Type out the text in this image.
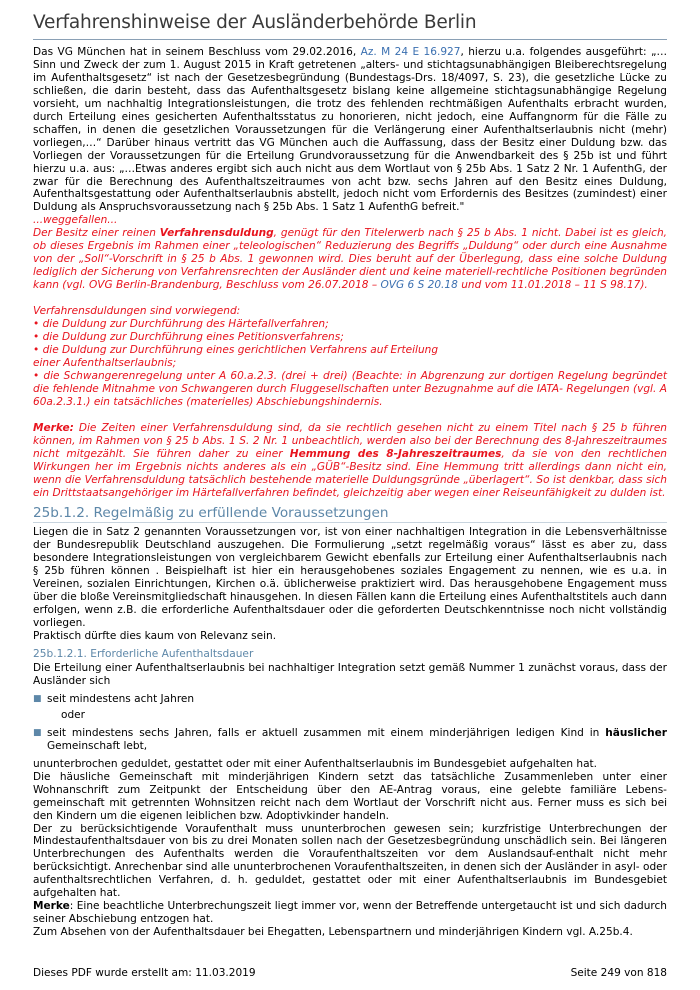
Verfahrenshinweise der Ausländerbehörde Berlin

Das VG München hat in seinem Beschluss vom 29.02.2016, Az. M 24 E 16.927, hierzu u.a. folgendes ausgeführt: „…Sinn und Zweck der zum 1. August 2015 in Kraft getretenen „alters- und stichtagsunabhängigen Bleiberechtsregelung im Aufenthaltsgesetz“ ist nach der Gesetzesbegründung (Bundestags-Drs. 18/4097, S. 23), die gesetzliche Lücke zu schließen, die darin besteht, dass das Aufenthaltsgesetz bislang keine allgemeine stichtagsunabhängige Regelung vorsieht, um nachhaltig Integrationsleistungen, die trotz des fehlenden rechtmäßigen Aufenthalts erbracht wurden, durch Erteilung eines gesicherten Aufenthaltsstatus zu honorieren, nicht jedoch, eine Auffangnorm für die Fälle zu schaffen, in denen die gesetzlichen Voraussetzungen für die Verlängerung einer Aufenthaltserlaubnis nicht (mehr) vorliegen,…“ Darüber hinaus vertritt das VG München auch die Auffassung, dass der Besitz einer Duldung bzw. das Vorliegen der Voraussetzungen für die Erteilung Grundvoraussetzung für die Anwendbarkeit des § 25b ist und führt hierzu u.a. aus: „…Etwas anderes ergibt sich auch nicht aus dem Wortlaut von § 25b Abs. 1 Satz 2 Nr. 1 AufenthG, der zwar für die Berechnung des Aufenthaltszeitraumes von acht bzw. sechs Jahren auf den Besitz eines Duldung, Aufenthaltsgestattung oder Aufenthaltserlaubnis abstellt, jedoch nicht vom Erfordernis des Besitzes (zumindest) einer Duldung als Anspruchsvoraussetzung nach § 25b Abs. 1 Satz 1 AufenthG befreit."

...weggefallen...

Der Besitz einer reinen Verfahrensduldung, genügt für den Titelerwerb nach § 25 b Abs. 1 nicht. Dabei ist es gleich, ob dieses Ergebnis im Rahmen einer „teleologischen“ Reduzierung des Begriffs „Duldung“ oder durch eine Ausnahme von der „Soll“-Vorschrift in § 25 b Abs. 1 gewonnen wird. Dies beruht auf der Überlegung, dass eine solche Duldung lediglich der Sicherung von Verfahrensrechten der Ausländer dient und keine materiell-rechtliche Positionen begründen kann (vgl. OVG Berlin-Brandenburg, Beschluss vom 26.07.2018 – OVG 6 S 20.18 und vom 11.01.2018 – 11 S 98.17).

Verfahrensduldungen sind vorwiegend:

• die Duldung zur Durchführung des Härtefallverfahren;

• die Duldung zur Durchführung eines Petitionsverfahrens;

• die Duldung zur Durchführung eines gerichtlichen Verfahrens auf Erteilung

einer Aufenthaltserlaubnis;

• die Schwangerenregelung unter A 60.a.2.3. (drei + drei) (Beachte: in Abgrenzung zur dortigen Regelung begründet die fehlende Mitnahme von Schwangeren durch Fluggesellschaften unter Bezugnahme auf die IATA- Regelungen (vgl. A 60a.2.3.1.) ein tatsächliches (materielles) Abschiebungshindernis.

Merke: Die Zeiten einer Verfahrensduldung sind, da sie rechtlich gesehen nicht zu einem Titel nach § 25 b führen können, im Rahmen von § 25 b Abs. 1 S. 2 Nr. 1 unbeachtlich, werden also bei der Berechnung des 8-Jahreszeitraumes nicht mitgezählt. Sie führen daher zu einer Hemmung des 8-Jahreszeitraumes, da sie von den rechtlichen Wirkungen her im Ergebnis nichts anderes als ein „GÜB“-Besitz sind. Eine Hemmung tritt allerdings dann nicht ein, wenn die Verfahrensduldung tatsächlich bestehende materielle Duldungsgründe „überlagert“. So ist denkbar, dass sich ein Drittstaatsangehöriger im Härtefallverfahren befindet, gleichzeitig aber wegen einer Reiseunfähigkeit zu dulden ist.

25b.1.2. Regelmäßig zu erfüllende Voraussetzungen

Liegen die in Satz 2 genannten Voraussetzungen vor, ist von einer nachhaltigen Integration in die Lebensverhältnisse der Bundesrepublik Deutschland auszugehen. Die Formulierung „setzt regelmäßig voraus“ lässt es aber zu, dass besondere Integrationsleistungen von vergleichbarem Gewicht ebenfalls zur Erteilung einer Aufenthaltserlaubnis nach § 25b führen können . Beispielhaft ist hier ein herausgehobenes soziales Engagement zu nennen, wie es u.a. in Vereinen, sozialen Einrichtungen, Kirchen o.ä. üblicherweise praktiziert wird. Das herausgehobene Engagement muss über die bloße Vereinsmitgliedschaft hinausgehen. In diesen Fällen kann die Erteilung eines Aufenthaltstitels auch dann erfolgen, wenn z.B. die erforderliche Aufenthaltsdauer oder die geforderten Deutschkenntnisse noch nicht vollständig vorliegen.

Praktisch dürfte dies kaum von Relevanz sein.

25b.1.2.1. Erforderliche Aufenthaltsdauer

Die Erteilung einer Aufenthaltserlaubnis bei nachhaltiger Integration setzt gemäß Nummer 1 zunächst voraus, dass der Ausländer sich

■ seit mindestens acht Jahren
oder
■ seit mindestens sechs Jahren, falls er aktuell zusammen mit einem minderjährigen ledigen Kind in häuslicher Gemeinschaft lebt,

ununterbrochen geduldet, gestattet oder mit einer Aufenthaltserlaubnis im Bundesgebiet aufgehalten hat.

Die häusliche Gemeinschaft mit minderjährigen Kindern setzt das tatsächliche Zusammenleben unter einer Wohnanschrift zum Zeitpunkt der Entscheidung über den AE-Antrag voraus, eine gelebte familiäre Lebens-gemeinschaft mit getrennten Wohnsitzen reicht nach dem Wortlaut der Vorschrift nicht aus. Ferner muss es sich bei den Kindern um die eigenen leiblichen bzw. Adoptivkinder handeln.

Der zu berücksichtigende Voraufenthalt muss ununterbrochen gewesen sein; kurzfristige Unterbrechungen der Mindestaufenthaltsdauer von bis zu drei Monaten sollen nach der Gesetzesbegründung unschädlich sein. Bei längeren Unterbrechungen des Aufenthalts werden die Voraufenthaltszeiten vor dem Auslandsauf-enthalt nicht mehr berücksichtigt. Anrechenbar sind alle ununterbrochenen Voraufenthaltszeiten, in denen sich der Ausländer in asyl- oder aufenthaltsrechtlichen Verfahren, d. h. geduldet, gestattet oder mit einer Aufenthaltserlaubnis im Bundesgebiet aufgehalten hat.

Merke: Eine beachtliche Unterbrechungszeit liegt immer vor, wenn der Betreffende untergetaucht ist und sich dadurch seiner Abschiebung entzogen hat.

Zum Absehen von der Aufenthaltsdauer bei Ehegatten, Lebenspartnern und minderjährigen Kindern vgl. A.25b.4.

Dieses PDF wurde erstellt am: 11.03.2019	Seite 249 von 818
